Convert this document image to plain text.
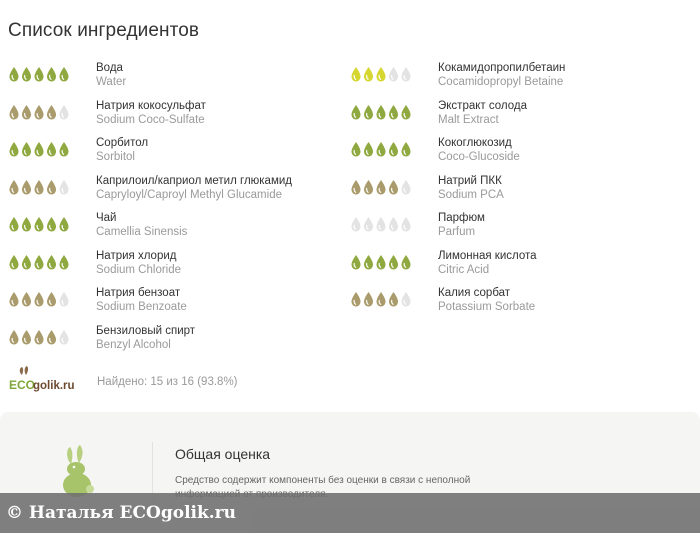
Список ингредиентов
Вода
Water
Натрия кокосульфат
Sodium Coco-Sulfate
Сорбитол
Sorbitol
Каприлоил/каприол метил глюкамид
Capryloyl/Caproyl Methyl Glucamide
Чай
Camellia Sinensis
Натрия хлорид
Sodium Chloride
Натрия бензоат
Sodium Benzoate
Бензиловый спирт
Benzyl Alcohol
Кокамидопропилбетаин
Cocamidopropyl Betaine
Экстракт солода
Malt Extract
Кокоглюкозид
Coco-Glucoside
Натрий ПКК
Sodium PCA
Парфюм
Parfum
Лимонная кислота
Citric Acid
Калия сорбат
Potassium Sorbate
ECO
golik.ru Найдено: 15 из 16 (93.8%)
Общая оценка
Средство содержит компоненты без оценки в связи с неполной
© Наталья ECOgolik.ru
